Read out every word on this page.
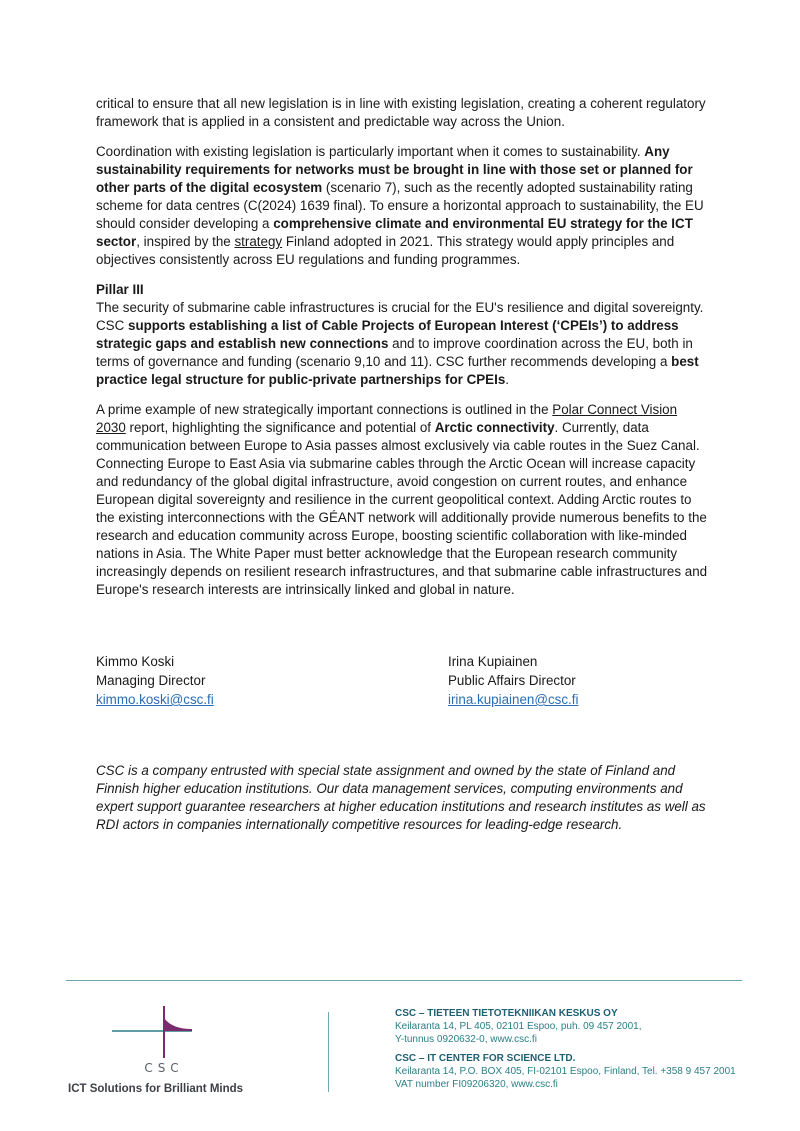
critical to ensure that all new legislation is in line with existing legislation, creating a coherent regulatory framework that is applied in a consistent and predictable way across the Union.

Coordination with existing legislation is particularly important when it comes to sustainability. Any sustainability requirements for networks must be brought in line with those set or planned for other parts of the digital ecosystem (scenario 7), such as the recently adopted sustainability rating scheme for data centres (C(2024) 1639 final). To ensure a horizontal approach to sustainability, the EU should consider developing a comprehensive climate and environmental EU strategy for the ICT sector, inspired by the strategy Finland adopted in 2021. This strategy would apply principles and objectives consistently across EU regulations and funding programmes.

Pillar III

The security of submarine cable infrastructures is crucial for the EU's resilience and digital sovereignty. CSC supports establishing a list of Cable Projects of European Interest (‘CPEIs’) to address strategic gaps and establish new connections and to improve coordination across the EU, both in terms of governance and funding (scenario 9,10 and 11). CSC further recommends developing a best practice legal structure for public-private partnerships for CPEIs.

A prime example of new strategically important connections is outlined in the Polar Connect Vision 2030 report, highlighting the significance and potential of Arctic connectivity. Currently, data communication between Europe to Asia passes almost exclusively via cable routes in the Suez Canal. Connecting Europe to East Asia via submarine cables through the Arctic Ocean will increase capacity and redundancy of the global digital infrastructure, avoid congestion on current routes, and enhance European digital sovereignty and resilience in the current geopolitical context. Adding Arctic routes to the existing interconnections with the GÉANT network will additionally provide numerous benefits to the research and education community across Europe, boosting scientific collaboration with like-minded nations in Asia. The White Paper must better acknowledge that the European research community increasingly depends on resilient research infrastructures, and that submarine cable infrastructures and Europe's research interests are intrinsically linked and global in nature.

Kimmo Koski
Managing Director
kimmo.koski@csc.fi
Irina Kupiainen
Public Affairs Director
irina.kupiainen@csc.fi

CSC is a company entrusted with special state assignment and owned by the state of Finland and Finnish higher education institutions. Our data management services, computing environments and expert support guarantee researchers at higher education institutions and research institutes as well as RDI actors in companies internationally competitive resources for leading-edge research.

CSC
ICT Solutions for Brilliant Minds
CSC – TIETEEN TIETOTEKNIIKAN KESKUS OY
Keilaranta 14, PL 405, 02101 Espoo, puh. 09 457 2001,
Y-tunnus 0920632-0, www.csc.fi
CSC – IT CENTER FOR SCIENCE LTD.
Keilaranta 14, P.O. BOX 405, FI-02101 Espoo, Finland, Tel. +358 9 457 2001
VAT number FI09206320, www.csc.fi
